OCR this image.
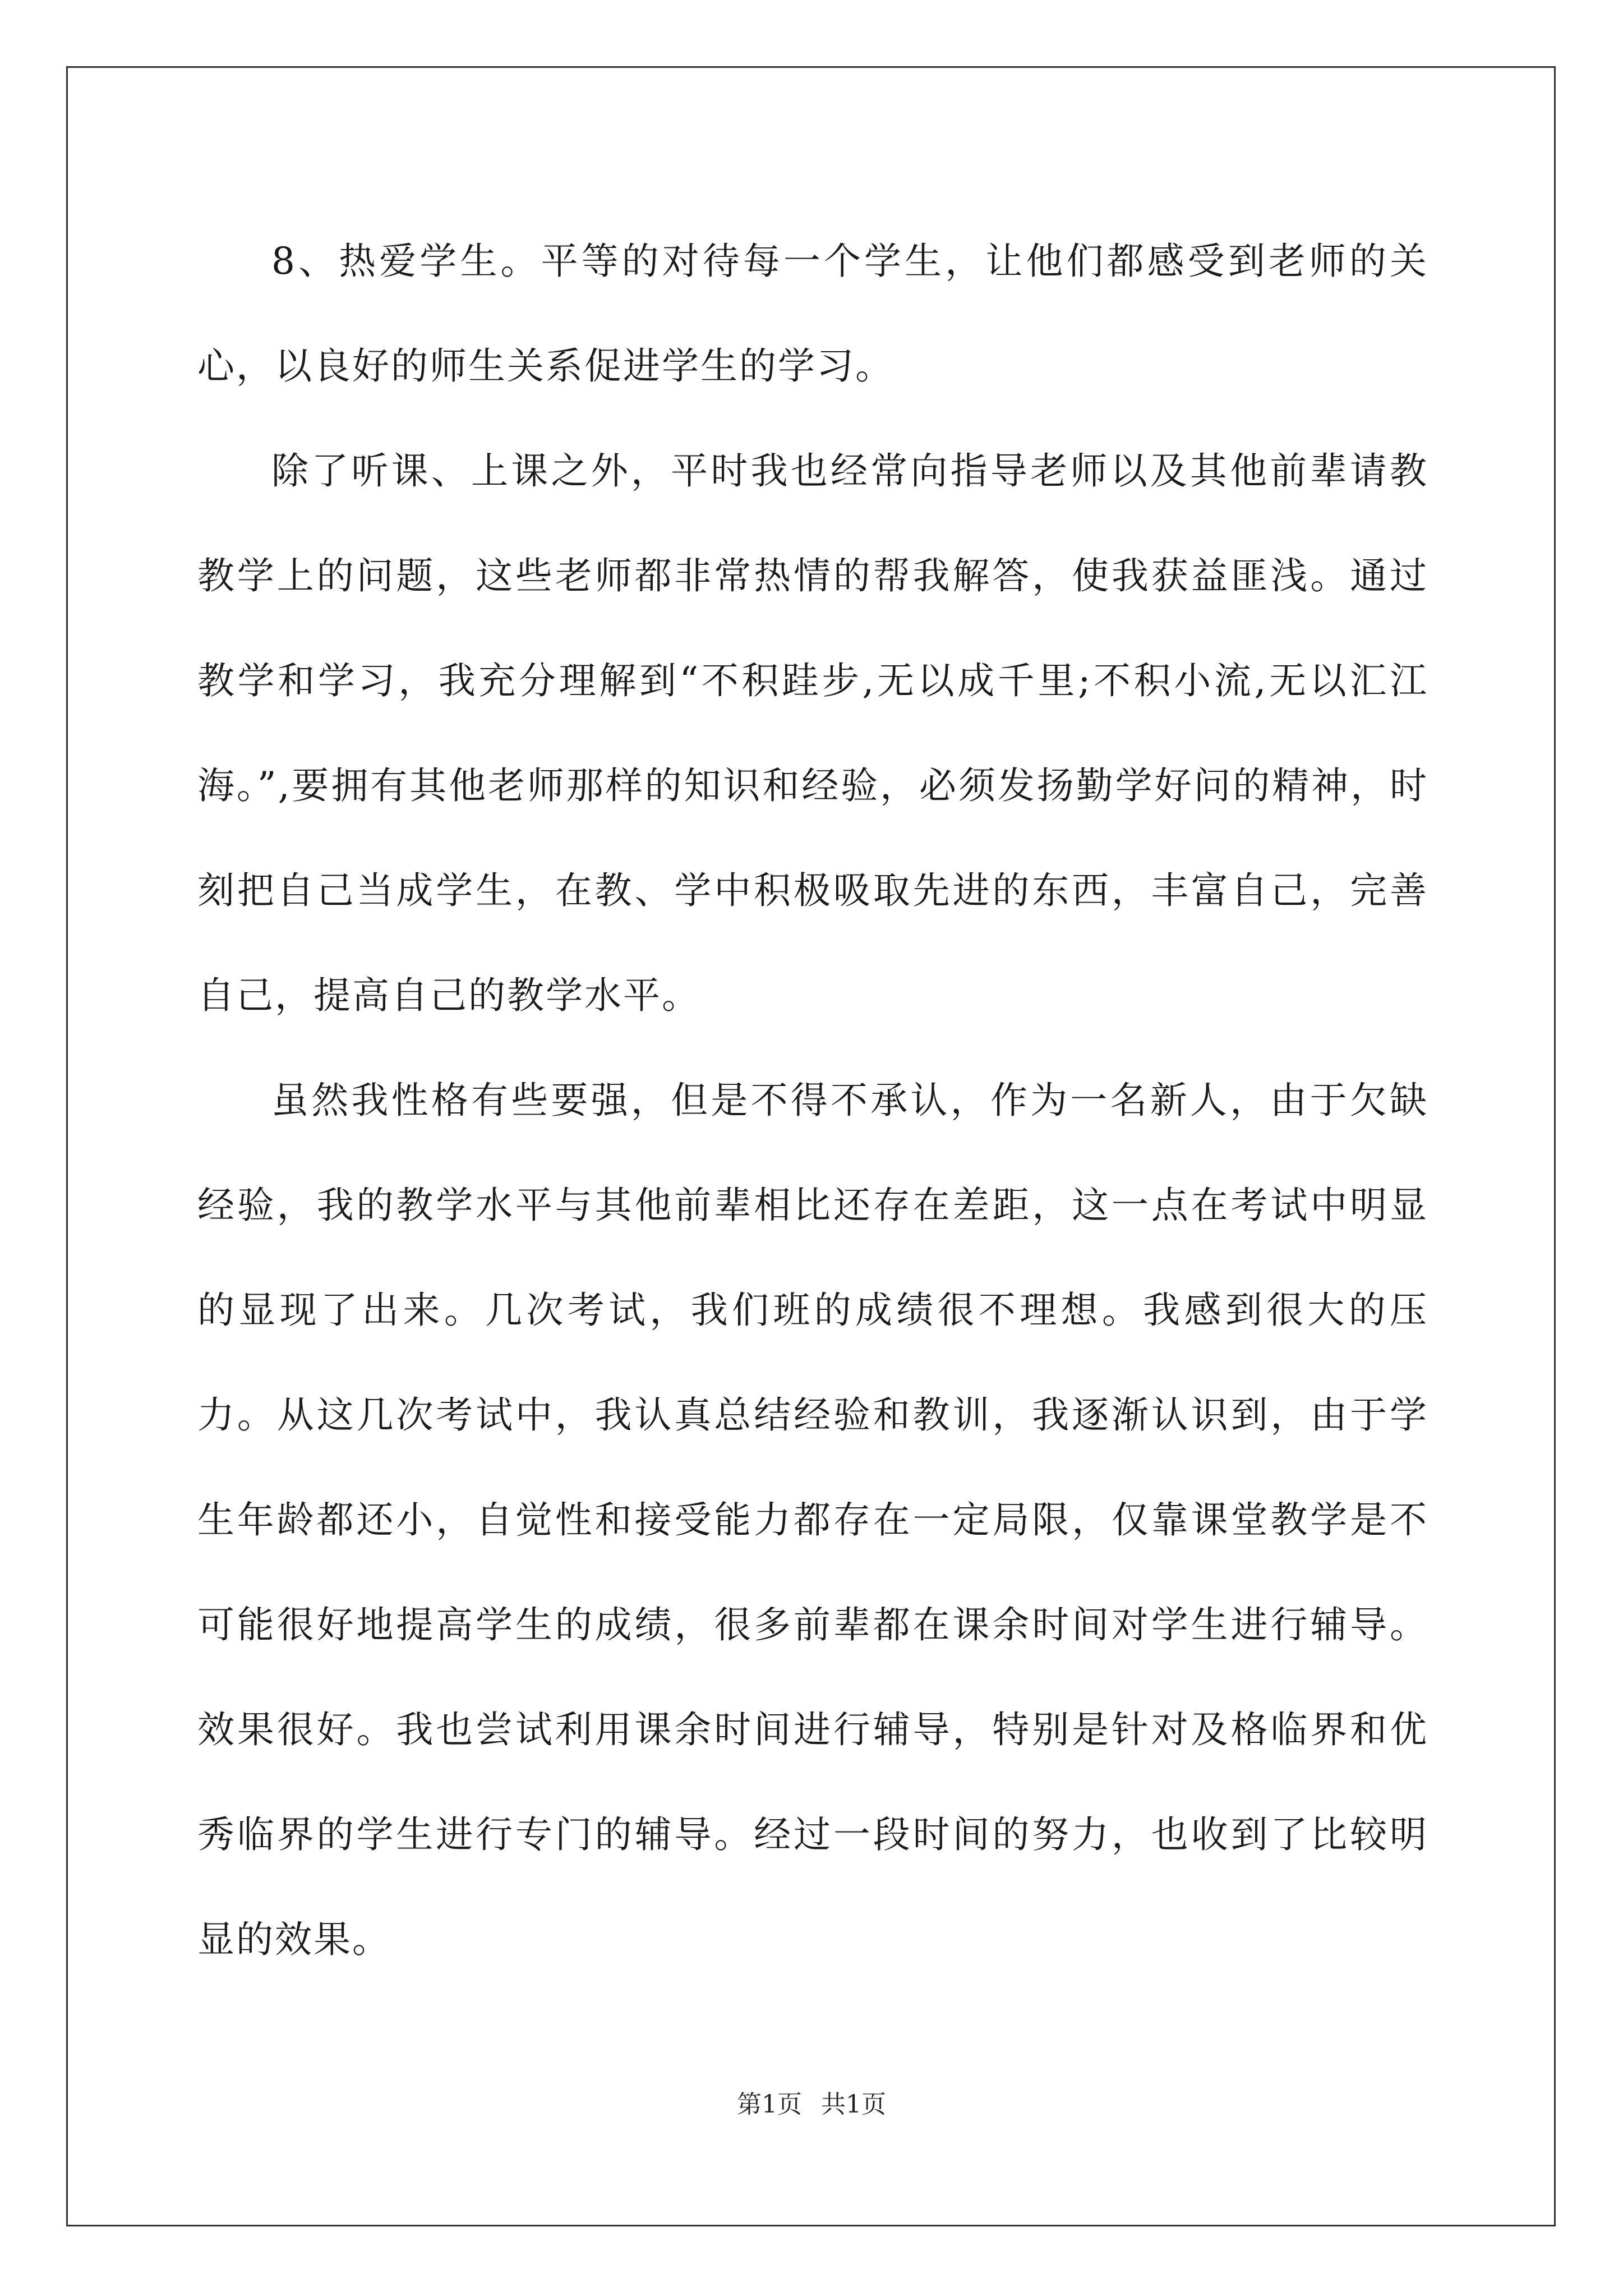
8、热爱学生。平等的对待每一个学生，让他们都感受到老师的关心，以良好的师生关系促进学生的学习。

除了听课、上课之外，平时我也经常向指导老师以及其他前辈请教教学上的问题，这些老师都非常热情的帮我解答，使我获益匪浅。通过教学和学习，我充分理解到“不积跬步,无以成千里;不积小流,无以汇江海。”,要拥有其他老师那样的知识和经验，必须发扬勤学好问的精神，时刻把自己当成学生，在教、学中积极吸取先进的东西，丰富自己，完善自己，提高自己的教学水平。

虽然我性格有些要强，但是不得不承认，作为一名新人，由于欠缺经验，我的教学水平与其他前辈相比还存在差距，这一点在考试中明显的显现了出来。几次考试，我们班的成绩很不理想。我感到很大的压力。从这几次考试中，我认真总结经验和教训，我逐渐认识到，由于学生年龄都还小，自觉性和接受能力都存在一定局限，仅靠课堂教学是不可能很好地提高学生的成绩，很多前辈都在课余时间对学生进行辅导。效果很好。我也尝试利用课余时间进行辅导，特别是针对及格临界和优秀临界的学生进行专门的辅导。经过一段时间的努力，也收到了比较明显的效果。

第1页 共1页
